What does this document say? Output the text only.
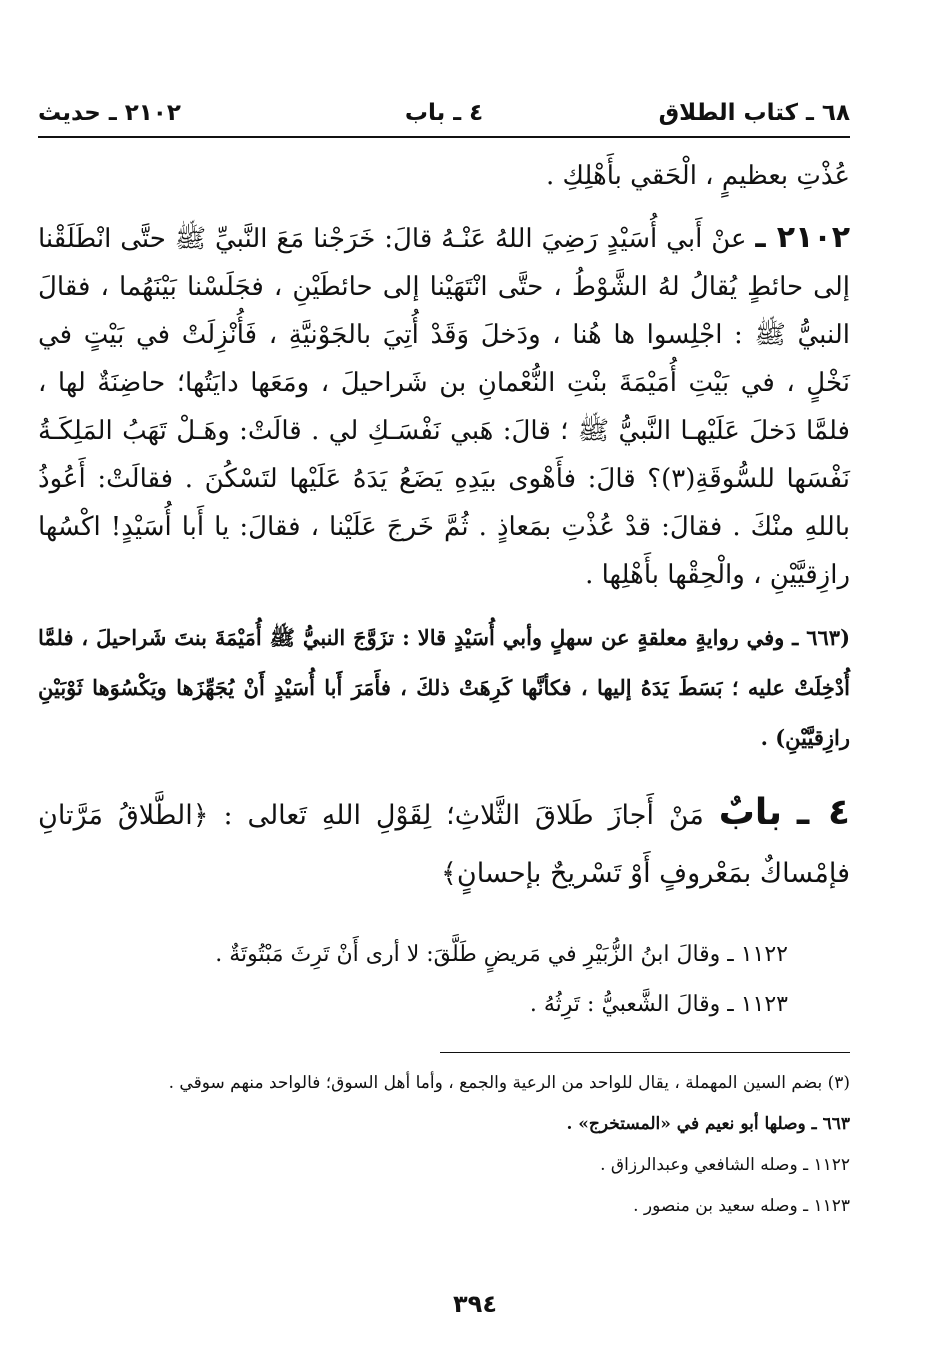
٦٨ ـ كتاب الطلاق
٤ ـ باب
٢١٠٢ ـ حديث

عُذْتِ بعظيمٍ ، الْحَقي بأَهْلِكِ .

٢١٠٢ ـ عنْ أَبي أُسَيْدٍ رَضِيَ اللهُ عَنْـهُ قالَ: خَرَجْنا مَعَ النَّبيِّ ﷺ حتَّى انْطَلَقْنا إلى حائطٍ يُقالُ لهُ الشَّوْطُ ، حتَّى انْتَهَيْنا إلى حائطَيْنِ ، فجَلَسْنا بَيْنَهُما ، فقالَ النبيُّ ﷺ : اجْلِسوا ها هُنا ، ودَخلَ وَقَدْ أُتِيَ بالجَوْنيَّةِ ، فَأُنْزِلَتْ في بَيْتٍ في نَخْلٍ ، في بَيْتِ أُمَيْمَةَ بنْتِ النُّعْمانِ بن شَراحيلَ ، ومَعَها دايَتُها؛ حاضِنَةٌ لها ، فلمَّا دَخلَ عَلَيْهـا النَّبيُّ ﷺ ؛ قالَ: هَبي نَفْسَـكِ لي . قالَتْ: وهَـلْ تَهَبُ المَلِكَـةُ نَفْسَها للسُّوقَةِ(٣)؟ قالَ: فأَهْوى بيَدِهِ يَضَعُ يَدَهُ عَلَيْها لتَسْكُنَ . فقالَتْ: أَعُوذُ باللهِ منْكَ . فقالَ: قدْ عُذْتِ بمَعاذٍ . ثُمَّ خَرجَ عَلَيْنا ، فقالَ: يا أَبا أُسَيْدٍ! اكْسُها رازِقيَّيْنِ ، والْحِقْها بأَهْلِها .

(٦٦٣ ـ وفي روايةٍ معلقةٍ عن سهلٍ وأبي أُسَيْدٍ قالا : تزَوَّجَ النبيُّ ﷺ أُمَيْمَةَ بنتَ شَراحيلَ ، فلمَّا أُدْخِلَتْ عليه ؛ بَسَطَ يَدَهُ إليها ، فكأنَّها كَرِهَتْ ذلكَ ، فأَمَرَ أَبا أُسَيْدٍ أَنْ يُجَهِّزَها ويَكْسُوَها ثَوْبَيْنِ رازِقيَّيْنِ) .

٤ ـ بابٌ مَنْ أَجازَ طَلاقَ الثَّلاثِ؛ لِقَوْلِ اللهِ تَعالى : ﴿الطَّلاقُ مَرَّتانِ فإمْساكٌ بمَعْروفٍ أَوْ تَسْريحٌ بإحسانٍ﴾

١١٢٢ ـ وقالَ ابنُ الزُّبَيْرِ في مَريضٍ طَلَّقَ: لا أرى أَنْ تَرِثَ مَبْتُوتَةٌ .

١١٢٣ ـ وقالَ الشَّعبيُّ : تَرِثُهُ .

(٣) بضم السين المهملة ، يقال للواحد من الرعية والجمع ، وأما أهل السوق؛ فالواحد منهم سوقي .

٦٦٣ ـ وصلها أبو نعيم في «المستخرج» .

١١٢٢ ـ وصله الشافعي وعبدالرزاق .

١١٢٣ ـ وصله سعيد بن منصور .

٣٩٤
